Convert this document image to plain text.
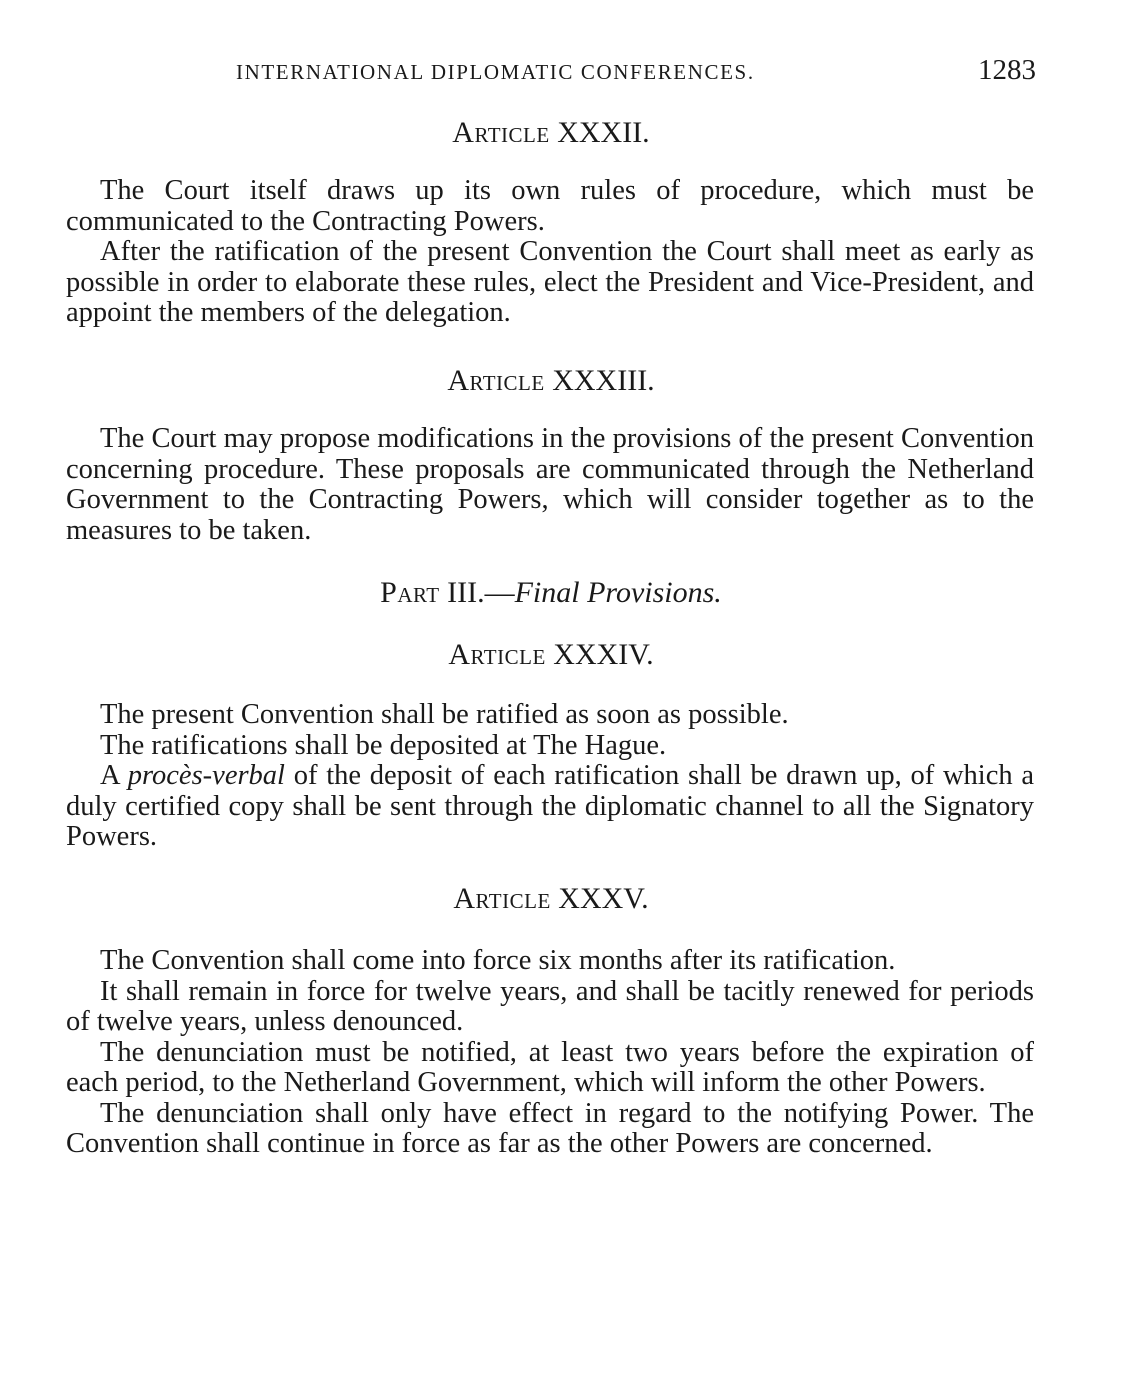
INTERNATIONAL DIPLOMATIC CONFERENCES.	1283
Article XXXII.

The Court itself draws up its own rules of procedure, which must be communicated to the Contracting Powers.

After the ratification of the present Convention the Court shall meet as early as possible in order to elaborate these rules, elect the President and Vice-President, and appoint the members of the delegation.

Article XXXIII.

The Court may propose modifications in the provisions of the present Convention concerning procedure. These proposals are communicated through the Netherland Government to the Contracting Powers, which will consider together as to the measures to be taken.

Part III.—Final Provisions.
Article XXXIV.

The present Convention shall be ratified as soon as possible.

The ratifications shall be deposited at The Hague.

A procès-verbal of the deposit of each ratification shall be drawn up, of which a duly certified copy shall be sent through the diplomatic channel to all the Signatory Powers.

Article XXXV.

The Convention shall come into force six months after its ratification.

It shall remain in force for twelve years, and shall be tacitly renewed for periods of twelve years, unless denounced.

The denunciation must be notified, at least two years before the expiration of each period, to the Netherland Government, which will inform the other Powers.

The denunciation shall only have effect in regard to the notifying Power. The Convention shall continue in force as far as the other Powers are concerned.
